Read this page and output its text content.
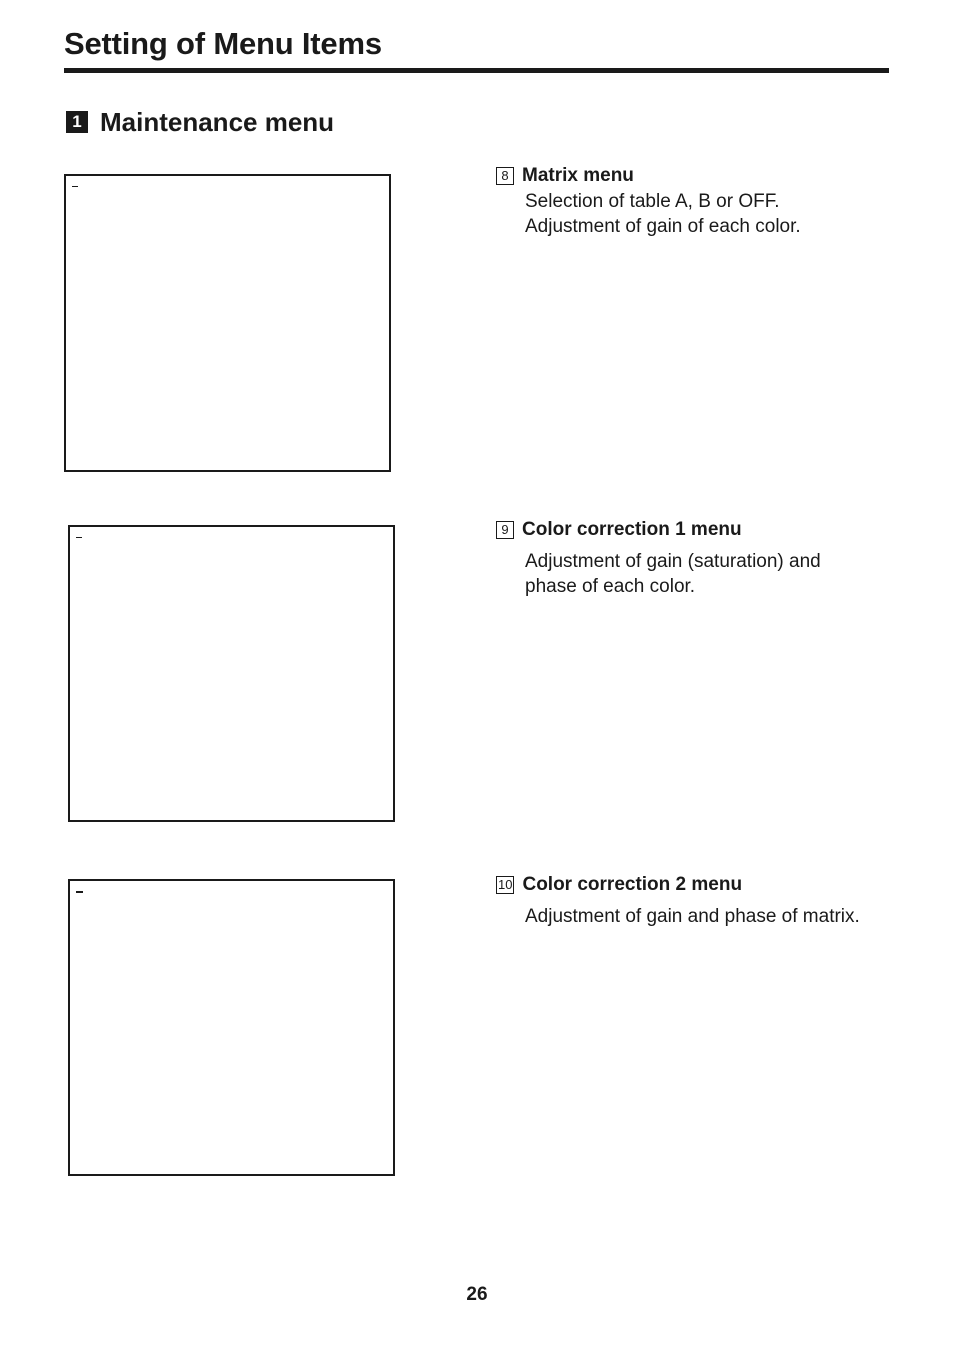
Setting of Menu Items
1 Maintenance menu
8 Matrix menu
Selection of table A, B or OFF.
Adjustment of gain of each color.
9 Color correction 1 menu
Adjustment of gain (saturation) and
phase of each color.
10 Color correction 2 menu
Adjustment of gain and phase of matrix.
26
